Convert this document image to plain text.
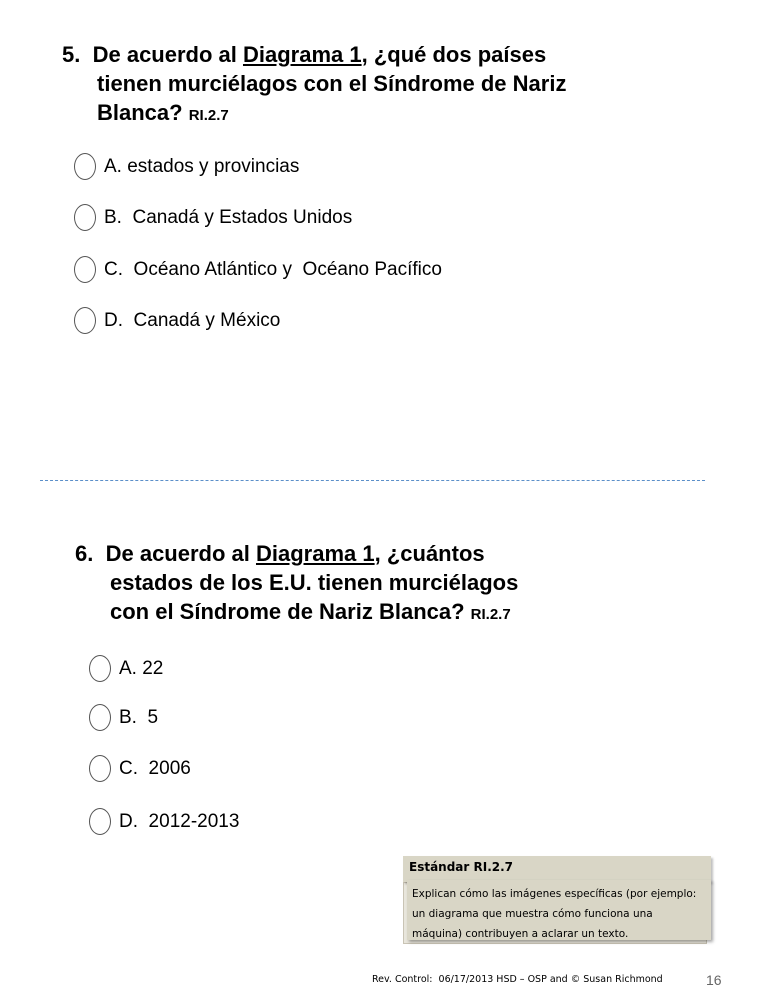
5. De acuerdo al Diagrama 1, ¿qué dos países
tienen murciélagos con el Síndrome de Nariz
Blanca? RI.2.7

A. estados y provincias
B. Canadá y Estados Unidos
C. Océano Atlántico y  Océano Pacífico
D. Canadá y México

6. De acuerdo al Diagrama 1, ¿cuántos
estados de los E.U. tienen murciélagos
con el Síndrome de Nariz Blanca? RI.2.7

A. 22
B. 5
C. 2006
D. 2012-2013
Estándar RI.2.7
Explican cómo las imágenes específicas (por ejemplo: un diagrama que muestra cómo funciona una máquina) contribuyen a aclarar un texto.
Rev. Control:  06/17/2013 HSD – OSP and © Susan Richmond	16
